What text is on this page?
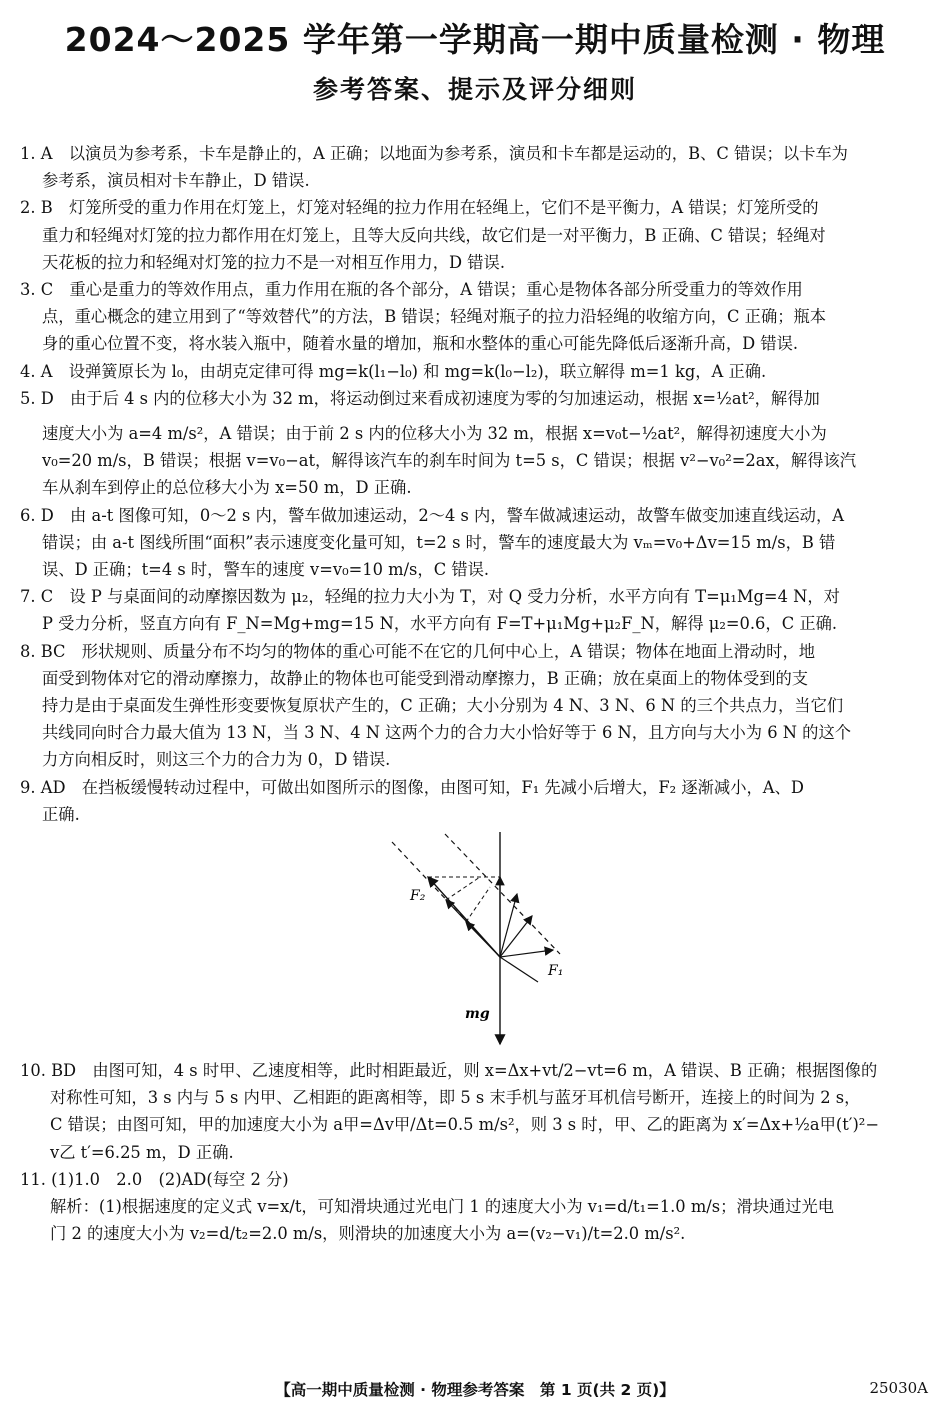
2024～2025 学年第一学期高一期中质量检测 · 物理
参考答案、提示及评分细则
1. A　以演员为参考系，卡车是静止的，A 正确；以地面为参考系，演员和卡车都是运动的，B、C 错误；以卡车为
参考系，演员相对卡车静止，D 错误.
2. B　灯笼所受的重力作用在灯笼上，灯笼对轻绳的拉力作用在轻绳上，它们不是平衡力，A 错误；灯笼所受的
重力和轻绳对灯笼的拉力都作用在灯笼上，且等大反向共线，故它们是一对平衡力，B 正确、C 错误；轻绳对
天花板的拉力和轻绳对灯笼的拉力不是一对相互作用力，D 错误.
3. C　重心是重力的等效作用点，重力作用在瓶的各个部分，A 错误；重心是物体各部分所受重力的等效作用
点，重心概念的建立用到了“等效替代”的方法，B 错误；轻绳对瓶子的拉力沿轻绳的收缩方向，C 正确；瓶本
身的重心位置不变，将水装入瓶中，随着水量的增加，瓶和水整体的重心可能先降低后逐渐升高，D 错误.
4. A　设弹簧原长为 l₀，由胡克定律可得 mg=k(l₁−l₀) 和 mg=k(l₀−l₂)，联立解得 m=1 kg，A 正确.
5. D　由于后 4 s 内的位移大小为 32 m，将运动倒过来看成初速度为零的匀加速运动，根据 x=½at²，解得加
速度大小为 a=4 m/s²，A 错误；由于前 2 s 内的位移大小为 32 m，根据 x=v₀t−½at²，解得初速度大小为
v₀=20 m/s，B 错误；根据 v=v₀−at，解得该汽车的刹车时间为 t=5 s，C 错误；根据 v²−v₀²=2ax，解得该汽
车从刹车到停止的总位移大小为 x=50 m，D 正确.
6. D　由 a-t 图像可知，0～2 s 内，警车做加速运动，2～4 s 内，警车做减速运动，故警车做变加速直线运动，A
错误；由 a-t 图线所围“面积”表示速度变化量可知，t=2 s 时，警车的速度最大为 vₘ=v₀+Δv=15 m/s，B 错
误、D 正确；t=4 s 时，警车的速度 v=v₀=10 m/s，C 错误.
7. C　设 P 与桌面间的动摩擦因数为 μ₂，轻绳的拉力大小为 T，对 Q 受力分析，水平方向有 T=μ₁Mg=4 N，对
P 受力分析，竖直方向有 F_N=Mg+mg=15 N，水平方向有 F=T+μ₁Mg+μ₂F_N，解得 μ₂=0.6，C 正确.
8. BC　形状规则、质量分布不均匀的物体的重心可能不在它的几何中心上，A 错误；物体在地面上滑动时，地
面受到物体对它的滑动摩擦力，故静止的物体也可能受到滑动摩擦力，B 正确；放在桌面上的物体受到的支
持力是由于桌面发生弹性形变要恢复原状产生的，C 正确；大小分别为 4 N、3 N、6 N 的三个共点力，当它们
共线同向时合力最大值为 13 N，当 3 N、4 N 这两个力的合力大小恰好等于 6 N，且方向与大小为 6 N 的这个
力方向相反时，则这三个力的合力为 0，D 错误.
9. AD　在挡板缓慢转动过程中，可做出如图所示的图像，由图可知，F₁ 先减小后增大，F₂ 逐渐减小，A、D
正确.
F₂
F₁
mg
10. BD　由图可知，4 s 时甲、乙速度相等，此时相距最近，则 x=Δx+vt/2−vt=6 m，A 错误、B 正确；根据图像的
对称性可知，3 s 内与 5 s 内甲、乙相距的距离相等，即 5 s 末手机与蓝牙耳机信号断开，连接上的时间为 2 s，
C 错误；由图可知，甲的加速度大小为 a甲=Δv甲/Δt=0.5 m/s²，则 3 s 时，甲、乙的距离为 x′=Δx+½a甲(t′)²−
v乙 t′=6.25 m，D 正确.
11. (1)1.0　2.0　(2)AD(每空 2 分)
解析：(1)根据速度的定义式 v=x/t，可知滑块通过光电门 1 的速度大小为 v₁=d/t₁=1.0 m/s；滑块通过光电
门 2 的速度大小为 v₂=d/t₂=2.0 m/s，则滑块的加速度大小为 a=(v₂−v₁)/t=2.0 m/s².
【高一期中质量检测 · 物理参考答案　第 1 页(共 2 页)】	25030A
